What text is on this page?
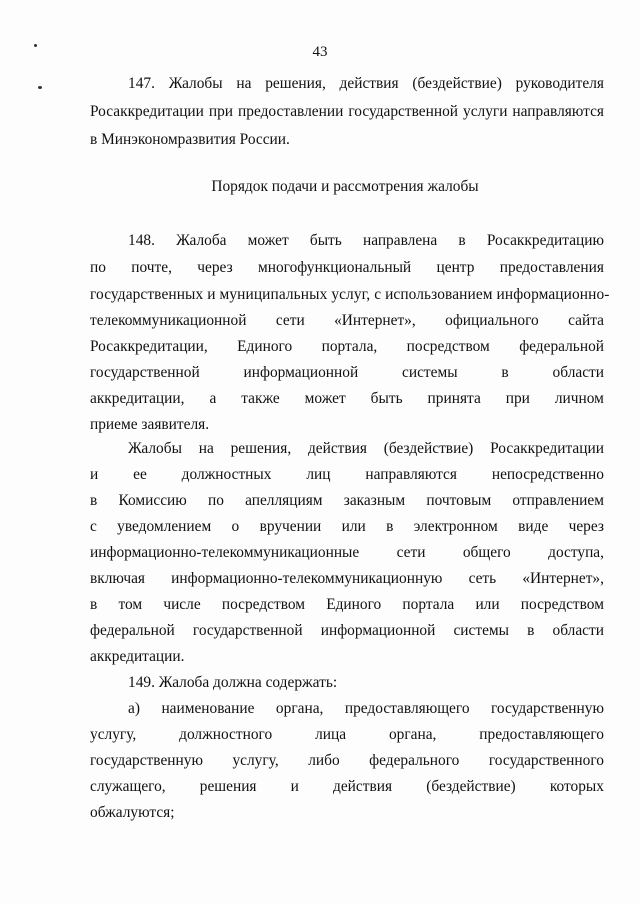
43
147. Жалобы на решения, действия (бездействие) руководителя
Росаккредитации при предоставлении государственной услуги направляются
в Минэкономразвития России.
Порядок подачи и рассмотрения жалобы
148. Жалоба может быть направлена в Росаккредитацию
по почте, через многофункциональный центр предоставления
государственных и муниципальных услуг, с использованием информационно-
телекоммуникационной сети «Интернет», официального сайта
Росаккредитации, Единого портала, посредством федеральной
государственной	информационной	системы	в	области
аккредитации, а также может быть принята при личном
приеме заявителя.
Жалобы на решения, действия (бездействие) Росаккредитации
и ее должностных лиц направляются непосредственно
в Комиссию по апелляциям заказным почтовым отправлением
с уведомлением о вручении или в электронном виде через
информационно-телекоммуникационные сети общего доступа,
включая информационно-телекоммуникационную сеть «Интернет»,
в том числе посредством Единого портала или посредством
федеральной государственной информационной системы в области
аккредитации.
149. Жалоба должна содержать:
а) наименование органа, предоставляющего государственную
услугу,	должностного	лица	органа,	предоставляющего
государственную услугу, либо федерального государственного
служащего, решения и действия (бездействие) которых
обжалуются;
